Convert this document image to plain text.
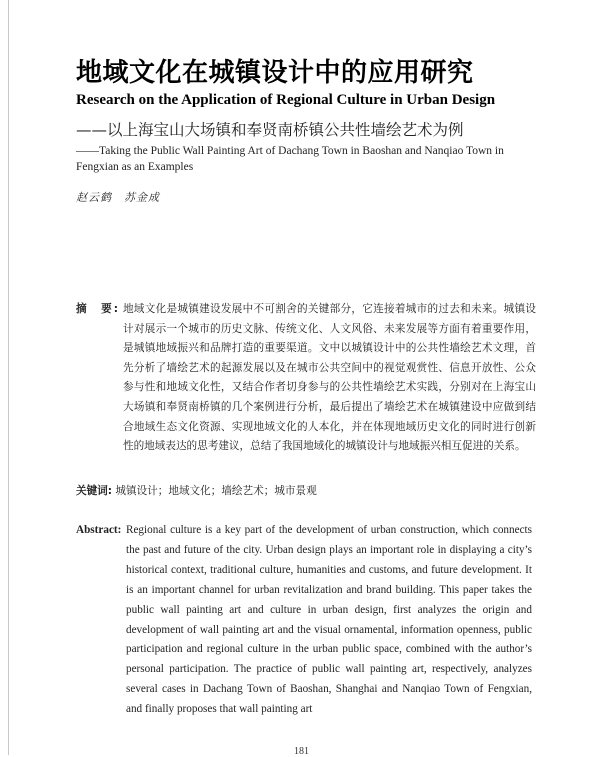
地域文化在城镇设计中的应用研究
Research on the Application of Regional Culture in Urban Design
——以上海宝山大场镇和奉贤南桥镇公共性墙绘艺术为例
——Taking the Public Wall Painting Art of Dachang Town in Baoshan and Nanqiao Town in Fengxian as an Examples
赵云鹤　苏金成
摘　要: 地域文化是城镇建设发展中不可割舍的关键部分，它连接着城市的过去和未来。城镇设计对展示一个城市的历史文脉、传统文化、人文风俗、未来发展等方面有着重要作用，是城镇地域振兴和品牌打造的重要渠道。文中以城镇设计中的公共性墙绘艺术文理，首先分析了墙绘艺术的起源发展以及在城市公共空间中的视觉观赏性、信息开放性、公众参与性和地域文化性，又结合作者切身参与的公共性墙绘艺术实践，分别对在上海宝山大场镇和奉贤南桥镇的几个案例进行分析，最后提出了墙绘艺术在城镇建设中应做到结合地域生态文化资源、实现地域文化的人本化，并在体现地域历史文化的同时进行创新性的地域表达的思考建议，总结了我国地域化的城镇设计与地域振兴相互促进的关系。
关键词: 城镇设计；地域文化；墙绘艺术；城市景观
Abstract: Regional culture is a key part of the development of urban construction, which connects the past and future of the city. Urban design plays an important role in displaying a city’s historical context, traditional culture, humanities and customs, and future development. It is an important channel for urban revitalization and brand building. This paper takes the public wall painting art and culture in urban design, first analyzes the origin and development of wall painting art and the visual ornamental, information openness, public participation and regional culture in the urban public space, combined with the author’s personal participation. The practice of public wall painting art, respectively, analyzes several cases in Dachang Town of Baoshan, Shanghai and Nanqiao Town of Fengxian, and finally proposes that wall painting art
181
